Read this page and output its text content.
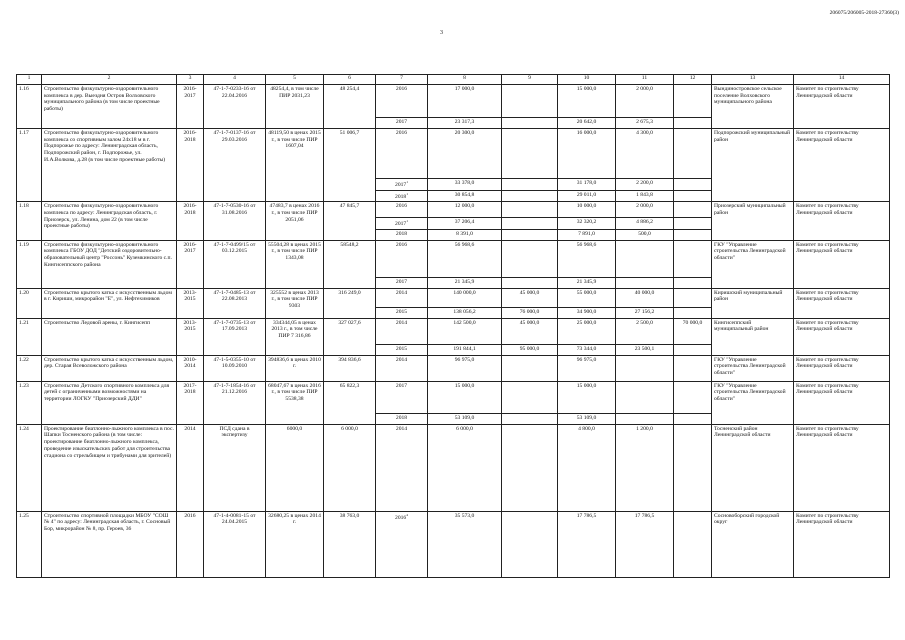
3
206075/206005-2018-27360(3)
1	2	3	4	5	6	7	8	9	10	11	12	13	14
1.16	Строительство физкультурно-оздоровительного комплекса в дер. Выездня Остров Волховского муниципального района (в том числе проектные работы)	2016-2017	47-1-7-0233-16 от 22.04.2016	48254,4, в том числе ПИР 2031,23	48 254,4	2016	17 000,0		15 000,0	2 000,0		Вындиностровское сельское поселение Волховского муниципального района	Комитет по строительству Ленинградской области
						2017	23 317,3		20 642,0	2 675,3			
1.17	Строительство физкультурно-оздоровительного комплекса со спортивным залом 24х18 м в г. Подпорожье по адресу: Ленинградская область, Подпорожский район, г. Подпорожье, ул. И.А.Волкова, д.28 (в том числе проектные работы)	2016-2018	47-1-7-0137-16 от 29.03.2016	48119,50 в ценах 2015 г., в том числе ПИР 1607,04	51 006,7	2016	20 300,0		16 000,0	4 300,0		Подпорожский муниципальный район	Комитет по строительству Ленинградской области
						2017$^1$	33 378,0		31 178,0	2 200,0			
						2018$^1$	30 854,8		29 011,0	1 843,8			
1.18	Строительство физкультурно-оздоровительного комплекса по адресу: Ленинградская область, г. Приозерск, ул. Ленина, дом 22 (в том числе проектные работы)	2016-2018	47-1-7-0530-16 от 31.08.2016	47483,7 в ценах 2016 г., в том числе ПИР 2051,06	47 845,7	2016	12 000,0		10 000,0	2 000,0		Приозерский муниципальный район	Комитет по строительству Ленинградской области
						2017$^1$	37 206,4		32 320,2	4 886,2			
						2018	8 391,0		7 891,0	500,0			
1.19	Строительство физкультурно-оздоровительного комплекса ГБОУ ДОД "Детский оздоровительно-образовательный центр "Россонь" Куземкинского с.п. Кингисеппского района	2016-2017	47-1-7-0499/15 от 03.12.2015	55504,28 в ценах 2015 г., в том числе ПИР 1343,08	58548,2	2016	56 968,6		56 968,6			ГКУ "Управление строительства Ленинградской области"	Комитет по строительству Ленинградской области
						2017	21 345,9		21 345,9				
1.20	Строительство крытого катка с искусственным льдом в г. Кириши, микрорайон "Е", ул. Нефтехимиков	2013-2015	47-1-7-0485-13 от 22.08.2013	325552 в ценах 2013 г., в том числе ПИР 9303	316 249,0	2014	140 000,0	45 000,0	55 000,0	40 000,0		Киришский муниципальный район	Комитет по строительству Ленинградской области
						2015	138 056,2	76 000,0	34 900,0	27 156,2			
1.21	Строительство Ледовой арены, г. Кингисепп	2013-2015	47-1-7-0735-13 от 17.09.2013	334344,05 в ценах 2013 г., в том числе ПИР 7 316,86	327 027,6	2014	142 500,0	45 000,0	25 000,0	2 500,0	70 000,0	Кингисеппский муниципальный район	Комитет по строительству Ленинградской области
						2015	191 844,1	95 000,0	73 344,0	23 500,1			
1.22	Строительство крытого катка с искусственным льдом, дер. Старая Всеволожского района	2010-2014	47-1-5-0355-10 от 10.09.2010	394836,6 в ценах 2010 г.	394 836,6	2014	96 975,0		96 975,0			ГКУ "Управление строительства Ленинградской области"	Комитет по строительству Ленинградской области
1.23	Строительство Детского спортивного комплекса для детей с ограниченными возможностями на территории ЛОГКУ "Приозерский ДДИ"	2017-2018	47-1-7-1854-16 от 21.12.2016	68047,67 в ценах 2016 г., в том числе ПИР 5538,38	65 822,3	2017	15 000,0		15 000,0			ГКУ "Управление строительства Ленинградской области"	Комитет по строительству Ленинградской области
						2018	53 109,0		53 109,0				
1.24	Проектирование биатлонно-лыжного комплекса в пос. Шапки Тосненского района (в том числе: проектирование биатлонно-лыжного комплекса, проведение изыскательских работ для строительства стадиона со стрельбищем и трибунами для зрителей)	2014	ПСД сдана в экспертизу	6000,0	6 000,0	2014	6 000,0		4 800,0	1 200,0		Тосненский район Ленинградской области	Комитет по строительству Ленинградской области
1.25	Строительство спортивной площадки МБОУ "СОШ № 4" по адресу: Ленинградская область, г. Сосновый Бор, микрорайон № 8, пр. Героев, 36	2016	47-1-4-0081-15 от 24.04.2015	32680,25 в ценах 2014 г.	38 763,0	2016$^4$	35 573,0		17 786,5	17 786,5		Сосновоборский городской округ	Комитет по строительству Ленинградской области
